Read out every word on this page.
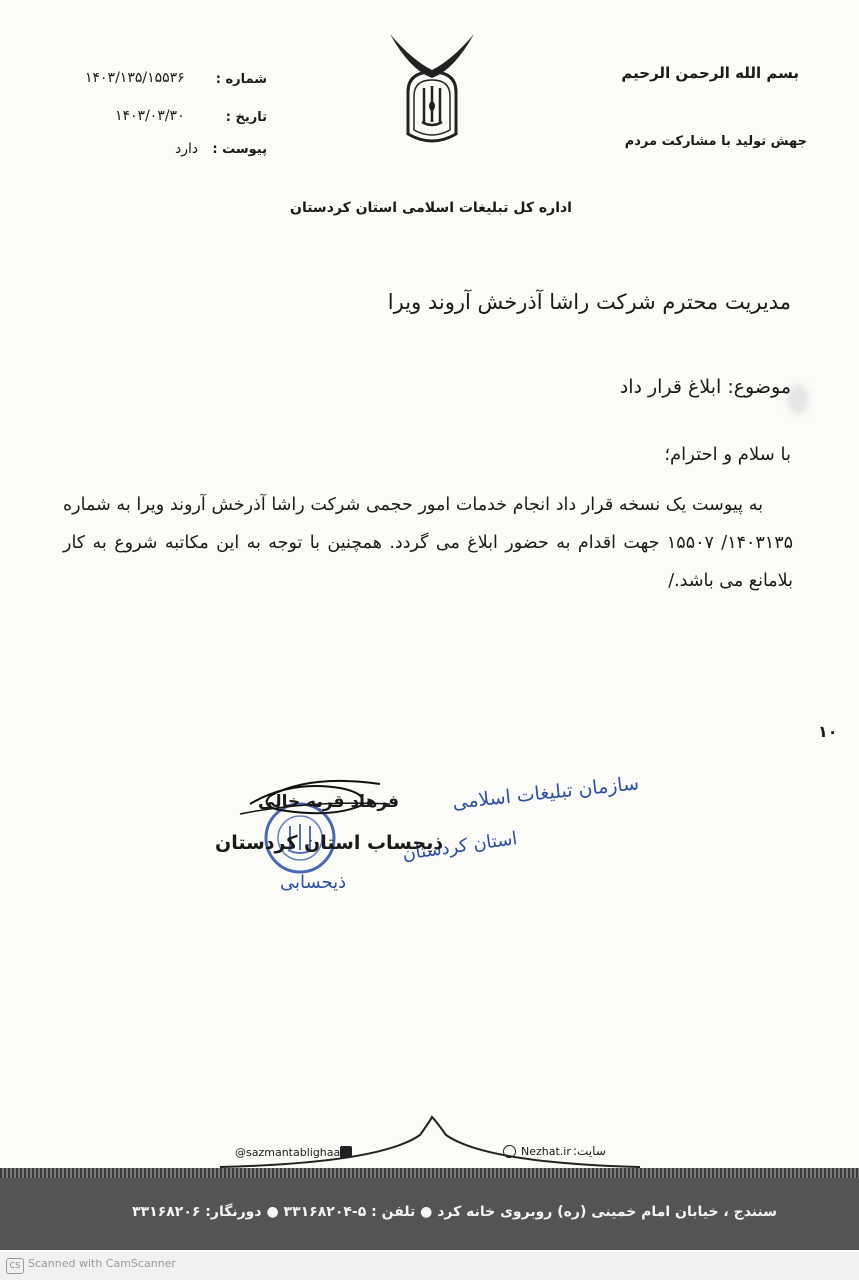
بسم الله الرحمن الرحیم
جهش تولید با مشارکت مردم
شماره :
۱۴۰۳/۱۳۵/۱۵۵۳۶
تاریخ :
۱۴۰۳/۰۳/۳۰
پیوست :
دارد
اداره کل تبلیغات اسلامی استان کردستان
مدیریت محترم شرکت راشا آذرخش آروند ویرا
موضوع: ابلاغ قرار داد
با سلام و احترام؛
به پیوست یک نسخه قرار داد انجام خدمات امور حجمی شرکت راشا آذرخش آروند ویرا به شماره ۱۴۰۳۱۳۵/ ۱۵۵۰۷ جهت اقدام به حضور ابلاغ می گردد. همچنین با توجه به این مکاتبه شروع به کار بلامانع می باشد./
۱۰
سازمان تبلیغات اسلامی
استان کردستان
ذیحسابی
فرهاد قربه خالی
ذیحساب استان کردستان
@sazmantablighaat	Nezhat.ir سایت:
سنندج ، خیابان امام خمینی (ره) روبروی خانه کرد ● تلفن : ۵-۳۳۱۶۸۲۰۴ ● دورنگار: ۳۳۱۶۸۲۰۶
CS Scanned with CamScanner
